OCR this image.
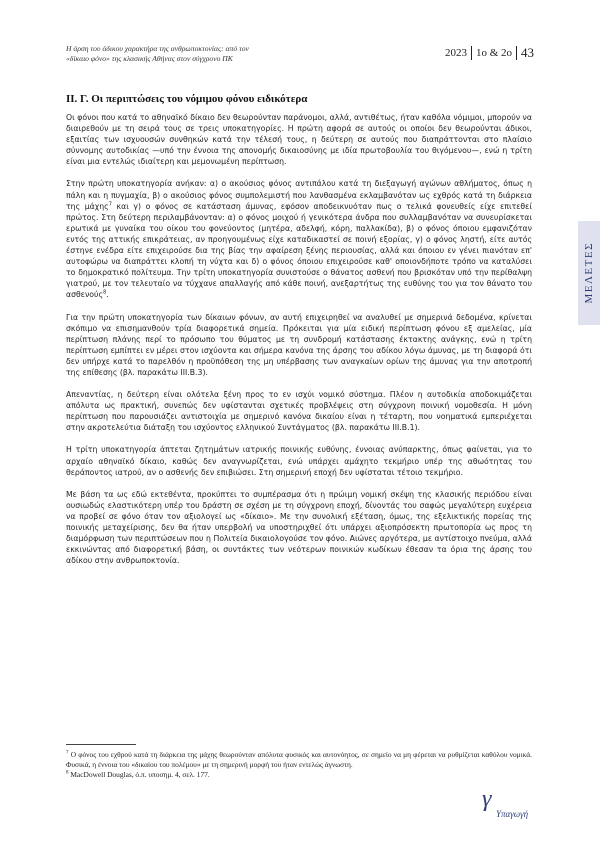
Η άρση του άδικου χαρακτήρα της ανθρωποκτονίας: από τον «δίκαιο φόνο» της κλασικής Αθήνας στον σύγχρονο ΠΚ	2023 1ο & 2ο 43
ΜΕΛΕΤΕΣ
ΙΙ. Γ. Οι περιπτώσεις του νόμιμου φόνου ειδικότερα

Οι φόνοι που κατά το αθηναϊκό δίκαιο δεν θεωρούνταν παράνομοι, αλλά, αντιθέτως, ήταν καθόλα νόμιμοι, μπορούν να διαιρεθούν με τη σειρά τους σε τρεις υποκατηγορίες. Η πρώτη αφορά σε αυτούς οι οποίοι δεν θεωρούνται άδικοι, εξαιτίας των ισχυουσών συνθηκών κατά την τέλεσή τους, η δεύτερη σε αυτούς που διαπράττονται στο πλαίσιο σύννομης αυτοδικίας —υπό την έννοια της απονομής δικαιοσύνης με ιδία πρωτοβουλία του θιγόμενου—, ενώ η τρίτη είναι μια εντελώς ιδιαίτερη και μεμονωμένη περίπτωση.

Στην πρώτη υποκατηγορία ανήκαν: α) ο ακούσιος φόνος αντιπάλου κατά τη διεξαγωγή αγώνων αθλήματος, όπως η πάλη και η πυγμαχία, β) ο ακούσιος φόνος συμπολεμιστή που λανθασμένα εκλαμβανόταν ως εχθρός κατά τη διάρκεια της μάχης$^7$ και γ) ο φόνος σε κατάσταση άμυνας, εφόσον αποδεικνυόταν πως ο τελικά φονευθείς είχε επιτεθεί πρώτος. Στη δεύτερη περιλαμβάνονταν: α) ο φόνος μοιχού ή γενικότερα άνδρα που συλλαμβανόταν να συνευρίσκεται ερωτικά με γυναίκα του οίκου του φονεύοντος (μητέρα, αδελφή, κόρη, παλλακίδα), β) ο φόνος όποιου εμφανιζόταν εντός της αττικής επικράτειας, αν προηγουμένως είχε καταδικαστεί σε ποινή εξορίας, γ) ο φόνος ληστή, είτε αυτός έστηνε ενέδρα είτε επιχειρούσε δια της βίας την αφαίρεση ξένης περιουσίας, αλλά και όποιου εν γένει πιανόταν επ' αυτοφώρω να διαπράττει κλοπή τη νύχτα και δ) ο φόνος όποιου επιχειρούσε καθ' οποιονδήποτε τρόπο να καταλύσει το δημοκρατικό πολίτευμα. Την τρίτη υποκατηγορία συνιστούσε ο θάνατος ασθενή που βρισκόταν υπό την περίθαλψη γιατρού, με τον τελευταίο να τύχχανε απαλλαγής από κάθε ποινή, ανεξαρτήτως της ευθύνης του για τον θάνατο του ασθενούς$^8$.

Για την πρώτη υποκατηγορία των δίκαιων φόνων, αν αυτή επιχειρηθεί να αναλυθεί με σημερινά δεδομένα, κρίνεται σκόπιμο να επισημανθούν τρία διαφορετικά σημεία. Πρόκειται για μία ειδική περίπτωση φόνου εξ αμελείας, μία περίπτωση πλάνης περί το πρόσωπο του θύματος με τη συνδρομή κατάστασης έκτακτης ανάγκης, ενώ η τρίτη περίπτωση εμπίπτει εν μέρει στον ισχύοντα και σήμερα κανόνα της άρσης του αδίκου λόγω άμυνας, με τη διαφορά ότι δεν υπήρχε κατά το παρελθόν η προϋπόθεση της μη υπέρβασης των αναγκαίων ορίων της άμυνας για την αποτροπή της επίθεσης (βλ. παρακάτω ΙΙΙ.Β.3).

Απεναντίας, η δεύτερη είναι ολότελα ξένη προς το εν ισχύι νομικό σύστημα. Πλέον η αυτοδικία αποδοκιμάζεται απόλυτα ως πρακτική, συνεπώς δεν υφίστανται σχετικές προβλέψεις στη σύγχρονη ποινική νομοθεσία. Η μόνη περίπτωση που παρουσιάζει αντιστοιχία με σημερινό κανόνα δικαίου είναι η τέταρτη, που νοηματικά εμπεριέχεται στην ακροτελεύτια διάταξη του ισχύοντος ελληνικού Συντάγματος (βλ. παρακάτω ΙΙΙ.Β.1).

Η τρίτη υποκατηγορία άπτεται ζητημάτων ιατρικής ποινικής ευθύνης, έννοιας ανύπαρκτης, όπως φαίνεται, για το αρχαίο αθηναϊκό δίκαιο, καθώς δεν αναγνωρίζεται, ενώ υπάρχει αμάχητο τεκμήριο υπέρ της αθωότητας του θεράποντος ιατρού, αν ο ασθενής δεν επιβιώσει. Στη σημερινή εποχή δεν υφίσταται τέτοιο τεκμήριο.

Με βάση τα ως εδώ εκτεθέντα, προκύπτει το συμπέρασμα ότι η πρώιμη νομική σκέψη της κλασικής περιόδου είναι ουσιωδώς ελαστικότερη υπέρ του δράστη σε σχέση με τη σύγχρονη εποχή, δίνοντάς του σαφώς μεγαλύτερη ευχέρεια να προβεί σε φόνο όταν τον αξιολογεί ως «δίκαιο». Με την συνολική εξέταση, όμως, της εξελικτικής πορείας της ποινικής μεταχείρισης, δεν θα ήταν υπερβολή να υποστηριχθεί ότι υπάρχει αξιοπρόσεκτη πρωτοπορία ως προς τη διαμόρφωση των περιπτώσεων που η Πολιτεία δικαιολογούσε τον φόνο. Αιώνες αργότερα, με αντίστοιχο πνεύμα, αλλά εκκινώντας από διαφορετική βάση, οι συντάκτες των νεότερων ποινικών κωδίκων έθεσαν τα όρια της άρσης του αδίκου στην ανθρωποκτονία.

$^7$ Ο φόνος του εχθρού κατά τη διάρκεια της μάχης θεωρούνταν απόλυτα φυσικός και αυτονόητος, σε σημείο να μη φέρεται να ρυθμίζεται καθόλου νομικά. Φυσικά, η έννοια του «δικαίου του πολέμου» με τη σημερινή μορφή του ήταν εντελώς άγνωστη.

$^8$ MacDowell Douglas, ό.π. υποσημ. 4, σελ. 177.

γ
Υπαγωγή
